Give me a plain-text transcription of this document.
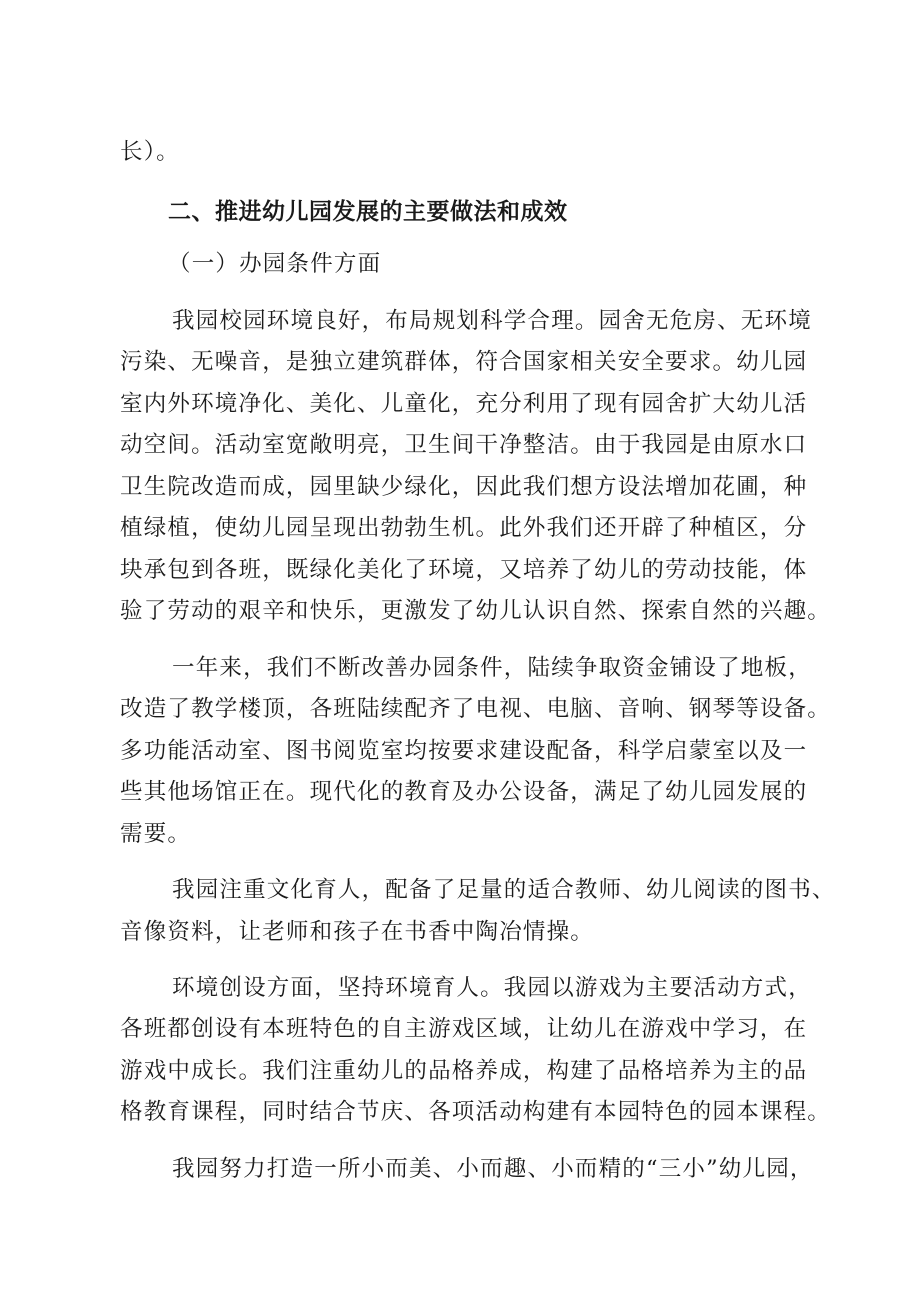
长）。
二、推进幼儿园发展的主要做法和成效
（一）办园条件方面
我园校园环境良好，布局规划科学合理。园舍无危房、无环境
污染、无噪音，是独立建筑群体，符合国家相关安全要求。幼儿园
室内外环境净化、美化、儿童化，充分利用了现有园舍扩大幼儿活
动空间。活动室宽敞明亮，卫生间干净整洁。由于我园是由原水口
卫生院改造而成，园里缺少绿化，因此我们想方设法增加花圃，种
植绿植，使幼儿园呈现出勃勃生机。此外我们还开辟了种植区，分
块承包到各班，既绿化美化了环境，又培养了幼儿的劳动技能，体
验了劳动的艰辛和快乐，更激发了幼儿认识自然、探索自然的兴趣。
一年来，我们不断改善办园条件，陆续争取资金铺设了地板，
改造了教学楼顶，各班陆续配齐了电视、电脑、音响、钢琴等设备。
多功能活动室、图书阅览室均按要求建设配备，科学启蒙室以及一
些其他场馆正在。现代化的教育及办公设备，满足了幼儿园发展的
需要。
我园注重文化育人，配备了足量的适合教师、幼儿阅读的图书、
音像资料，让老师和孩子在书香中陶冶情操。
环境创设方面，坚持环境育人。我园以游戏为主要活动方式，
各班都创设有本班特色的自主游戏区域，让幼儿在游戏中学习，在
游戏中成长。我们注重幼儿的品格养成，构建了品格培养为主的品
格教育课程，同时结合节庆、各项活动构建有本园特色的园本课程。
我园努力打造一所小而美、小而趣、小而精的“三小”幼儿园，
